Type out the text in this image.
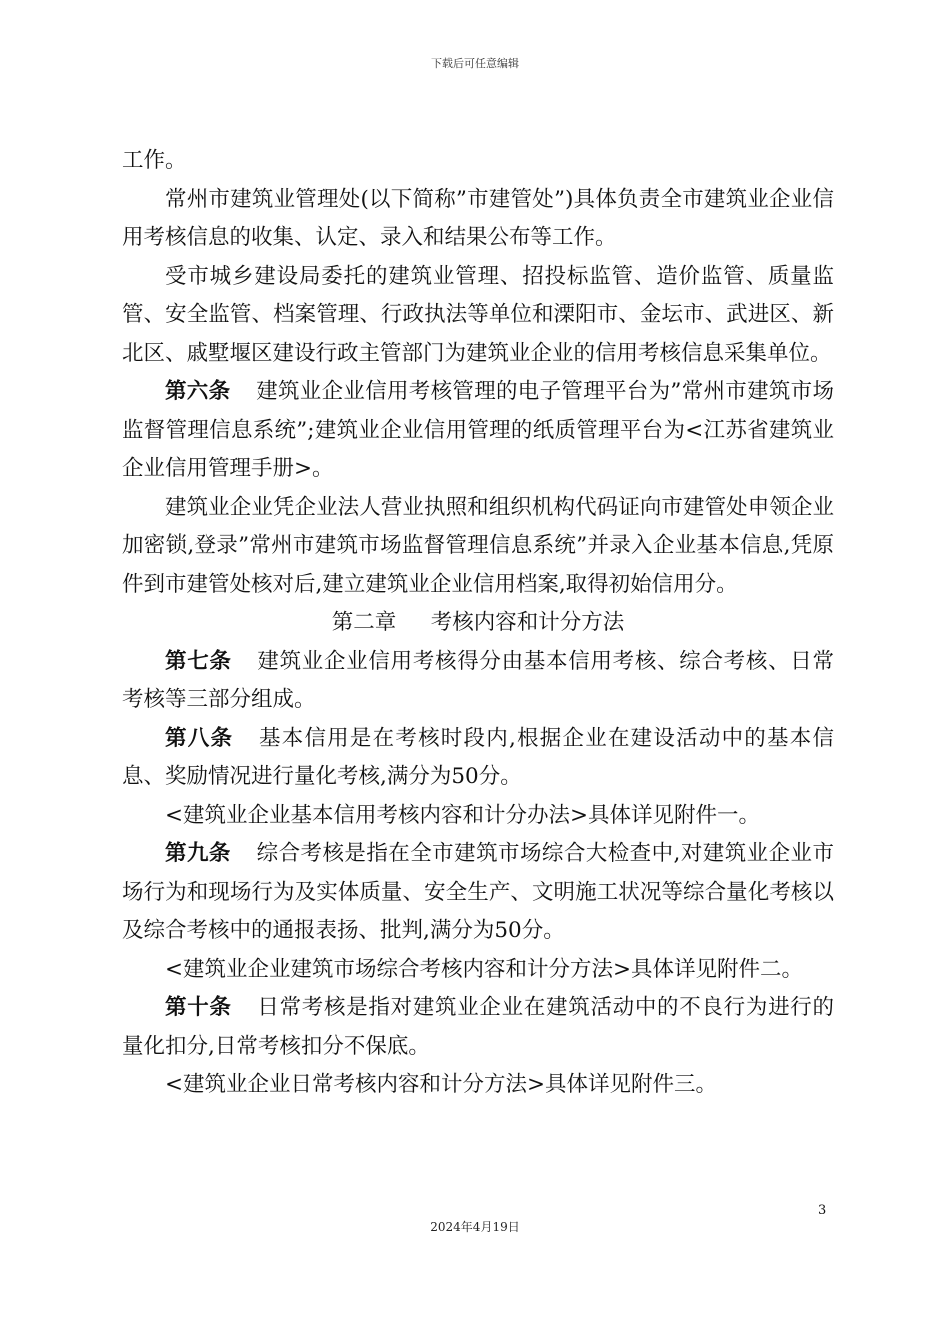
下载后可任意编辑

工作。

常州市建筑业管理处(以下简称”市建管处”)具体负责全市建筑业企业信用考核信息的收集、认定、录入和结果公布等工作。

受市城乡建设局委托的建筑业管理、招投标监管、造价监管、质量监管、安全监管、档案管理、行政执法等单位和溧阳市、金坛市、武进区、新北区、戚墅堰区建设行政主管部门为建筑业企业的信用考核信息采集单位。

第六条 建筑业企业信用考核管理的电子管理平台为”常州市建筑市场监督管理信息系统”;建筑业企业信用管理的纸质管理平台为<江苏省建筑业企业信用管理手册>。

建筑业企业凭企业法人营业执照和组织机构代码证向市建管处申领企业加密锁,登录”常州市建筑市场监督管理信息系统”并录入企业基本信息,凭原件到市建管处核对后,建立建筑业企业信用档案,取得初始信用分。

第二章 考核内容和计分方法

第七条 建筑业企业信用考核得分由基本信用考核、综合考核、日常考核等三部分组成。

第八条 基本信用是在考核时段内,根据企业在建设活动中的基本信息、奖励情况进行量化考核,满分为50分。

<建筑业企业基本信用考核内容和计分办法>具体详见附件一。

第九条 综合考核是指在全市建筑市场综合大检查中,对建筑业企业市场行为和现场行为及实体质量、安全生产、文明施工状况等综合量化考核以及综合考核中的通报表扬、批判,满分为50分。

<建筑业企业建筑市场综合考核内容和计分方法>具体详见附件二。

第十条 日常考核是指对建筑业企业在建筑活动中的不良行为进行的量化扣分,日常考核扣分不保底。

<建筑业企业日常考核内容和计分方法>具体详见附件三。

3
2024年4月19日
